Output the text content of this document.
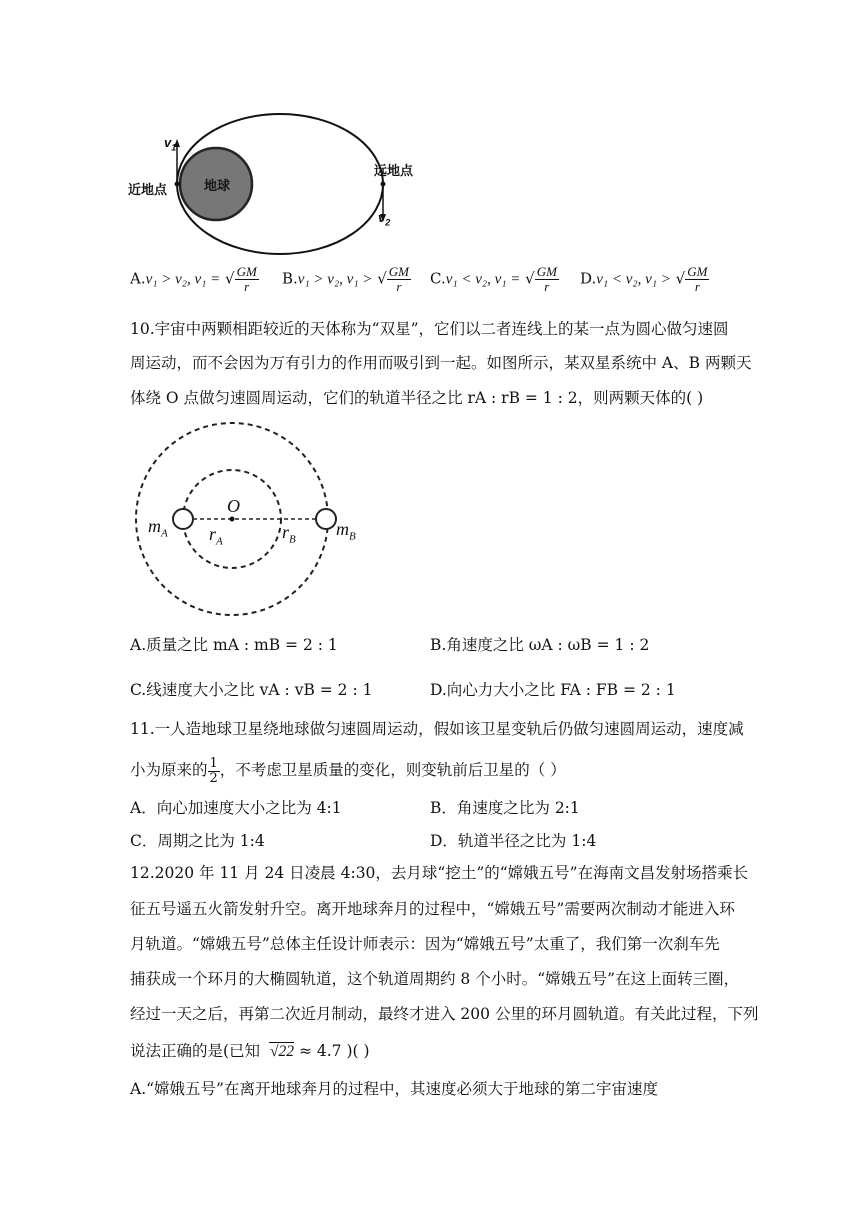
地球
近地点
远地点
$v_1$
$v_2$
A.v₁ > v₂, v₁ = √ $\frac{GM}{r} B.v_1 > v_2$, v₁ > √ $\frac{GM}{r} C.v_1 < v_2$, v₁ = √ $\frac{GM}{r} D.v_1 < v_2$, v₁ > √ $\frac{GM}{r}$
10.宇宙中两颗相距较近的天体称为“双星”，它们以二者连线上的某一点为圆心做匀速圆
周运动，而不会因为万有引力的作用而吸引到一起。如图所示，某双星系统中 A、B 两颗天
体绕 O 点做匀速圆周运动，它们的轨道半径之比 rA : rB = 1 : 2，则两颗天体的( )
O
$m_A$	$m_B$
$r_A$	$r_B$
A.质量之比 mA : mB = 2 : 1	B.角速度之比 ωA : ωB = 1 : 2
C.线速度大小之比 vA : vB = 2 : 1	D.向心力大小之比 FA : FB = 2 : 1
11.一人造地球卫星绕地球做匀速圆周运动，假如该卫星变轨后仍做匀速圆周运动，速度减
小为原来的 $\frac{1}{2}$ ，不考虑卫星质量的变化，则变轨前后卫星的（ ）
A．向心加速度大小之比为 4:1	B．角速度之比为 2:1
C．周期之比为 1:4	D．轨道半径之比为 1:4
12.2020 年 11 月 24 日凌晨 4:30，去月球“挖土”的“嫦娥五号”在海南文昌发射场搭乘长
征五号遥五火箭发射升空。离开地球奔月的过程中，“嫦娥五号”需要两次制动才能进入环
月轨道。“嫦娥五号”总体主任设计师表示：因为“嫦娥五号”太重了，我们第一次刹车先
捕获成一个环月的大椭圆轨道，这个轨道周期约 8 个小时。“嫦娥五号”在这上面转三圈，
经过一天之后，再第二次近月制动，最终才进入 200 公里的环月圆轨道。有关此过程，下列
说法正确的是(已知 √22 ≈ 4.7 )( )
A.“嫦娥五号”在离开地球奔月的过程中，其速度必须大于地球的第二宇宙速度
